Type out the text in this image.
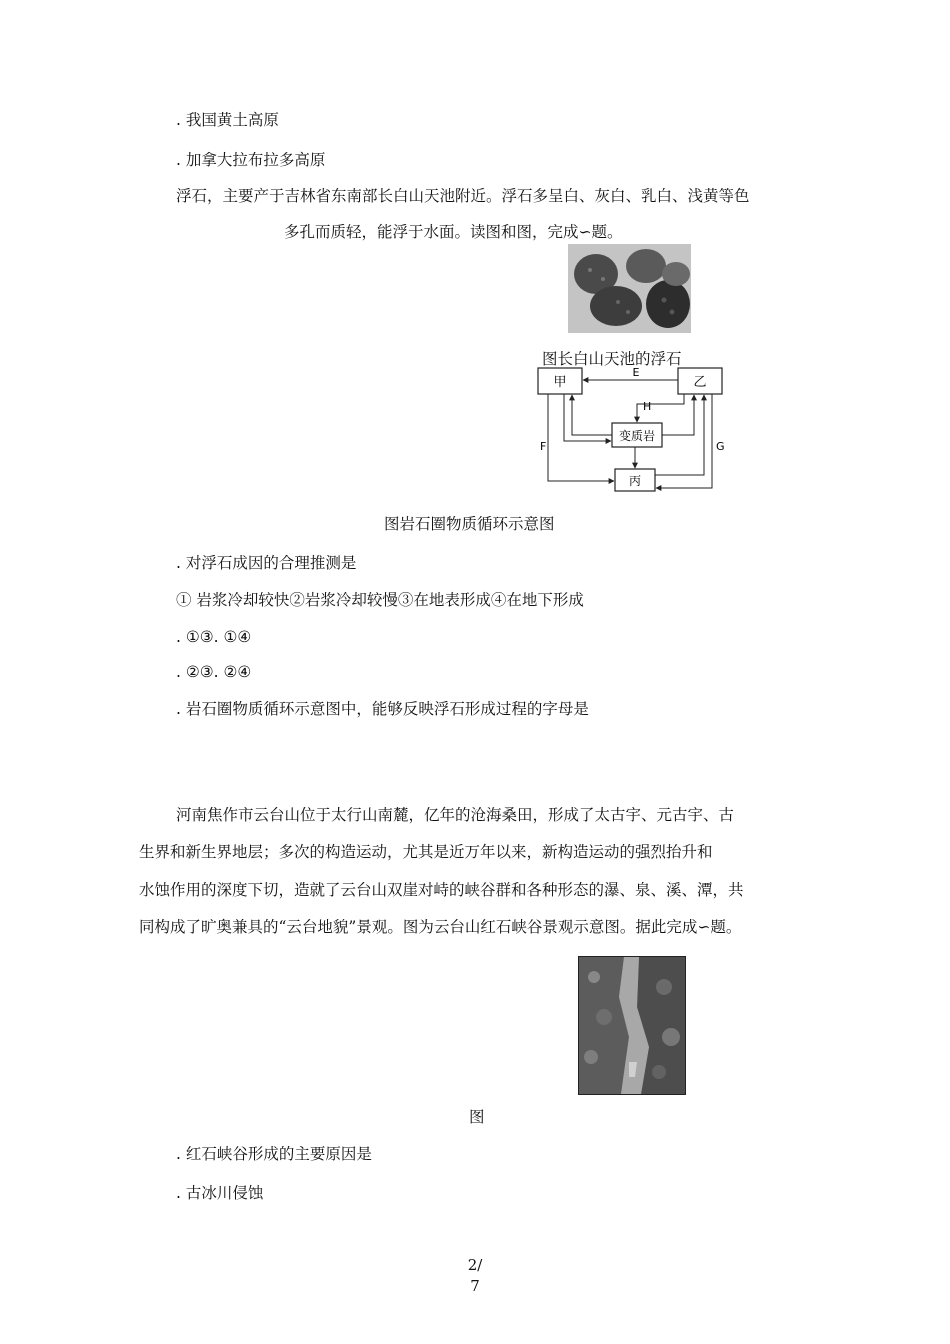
. 我国黄土高原
. 加拿大拉布拉多高原
浮石，主要产于吉林省东南部长白山天池附近。浮石多呈白、灰白、乳白、浅黄等色
多孔而质轻，能浮于水面。读图和图，完成∽题。
图长白山天池的浮石
甲	乙
变质岩
丙
E
H
F	G
图岩石圈物质循环示意图
. 对浮石成因的合理推测是
① 岩浆冷却较快②岩浆冷却较慢③在地表形成④在地下形成
. ①③. ①④
. ②③. ②④
. 岩石圈物质循环示意图中，能够反映浮石形成过程的字母是
河南焦作市云台山位于太行山南麓，亿年的沧海桑田，形成了太古宇、元古宇、古
生界和新生界地层；多次的构造运动，尤其是近万年以来，新构造运动的强烈抬升和
水蚀作用的深度下切，造就了云台山双崖对峙的峡谷群和各种形态的瀑、泉、溪、潭，共
同构成了旷奥兼具的“云台地貌”景观。图为云台山红石峡谷景观示意图。据此完成∽题。
图
. 红石峡谷形成的主要原因是
. 古冰川侵蚀
2/
7
